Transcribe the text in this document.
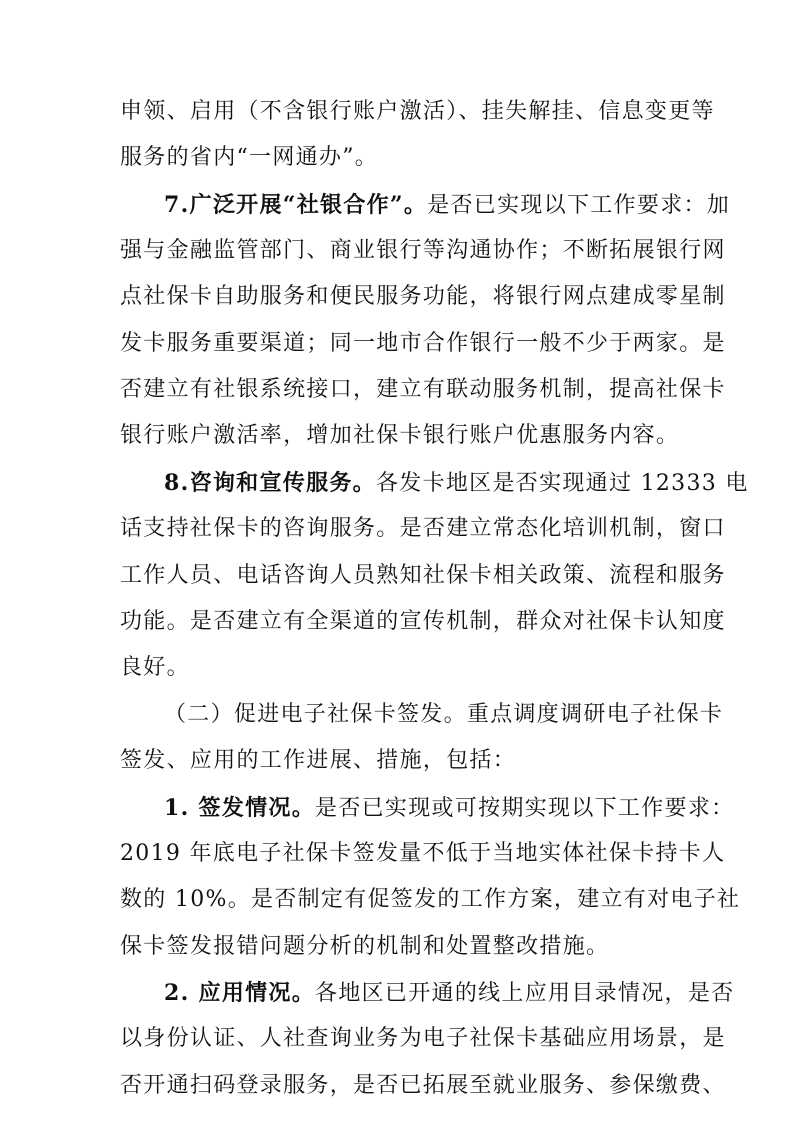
申领、启用（不含银行账户激活）、挂失解挂、信息变更等
服务的省内“一网通办”。
7.广泛开展“社银合作”。是否已实现以下工作要求：加
强与金融监管部门、商业银行等沟通协作；不断拓展银行网
点社保卡自助服务和便民服务功能，将银行网点建成零星制
发卡服务重要渠道；同一地市合作银行一般不少于两家。是
否建立有社银系统接口，建立有联动服务机制，提高社保卡
银行账户激活率，增加社保卡银行账户优惠服务内容。
8.咨询和宣传服务。各发卡地区是否实现通过 12333 电
话支持社保卡的咨询服务。是否建立常态化培训机制，窗口
工作人员、电话咨询人员熟知社保卡相关政策、流程和服务
功能。是否建立有全渠道的宣传机制，群众对社保卡认知度
良好。
（二）促进电子社保卡签发。重点调度调研电子社保卡
签发、应用的工作进展、措施，包括：
1. 签发情况。是否已实现或可按期实现以下工作要求：
2019 年底电子社保卡签发量不低于当地实体社保卡持卡人
数的 10%。是否制定有促签发的工作方案，建立有对电子社
保卡签发报错问题分析的机制和处置整改措施。
2. 应用情况。各地区已开通的线上应用目录情况，是否
以身份认证、人社查询业务为电子社保卡基础应用场景，是
否开通扫码登录服务，是否已拓展至就业服务、参保缴费、
